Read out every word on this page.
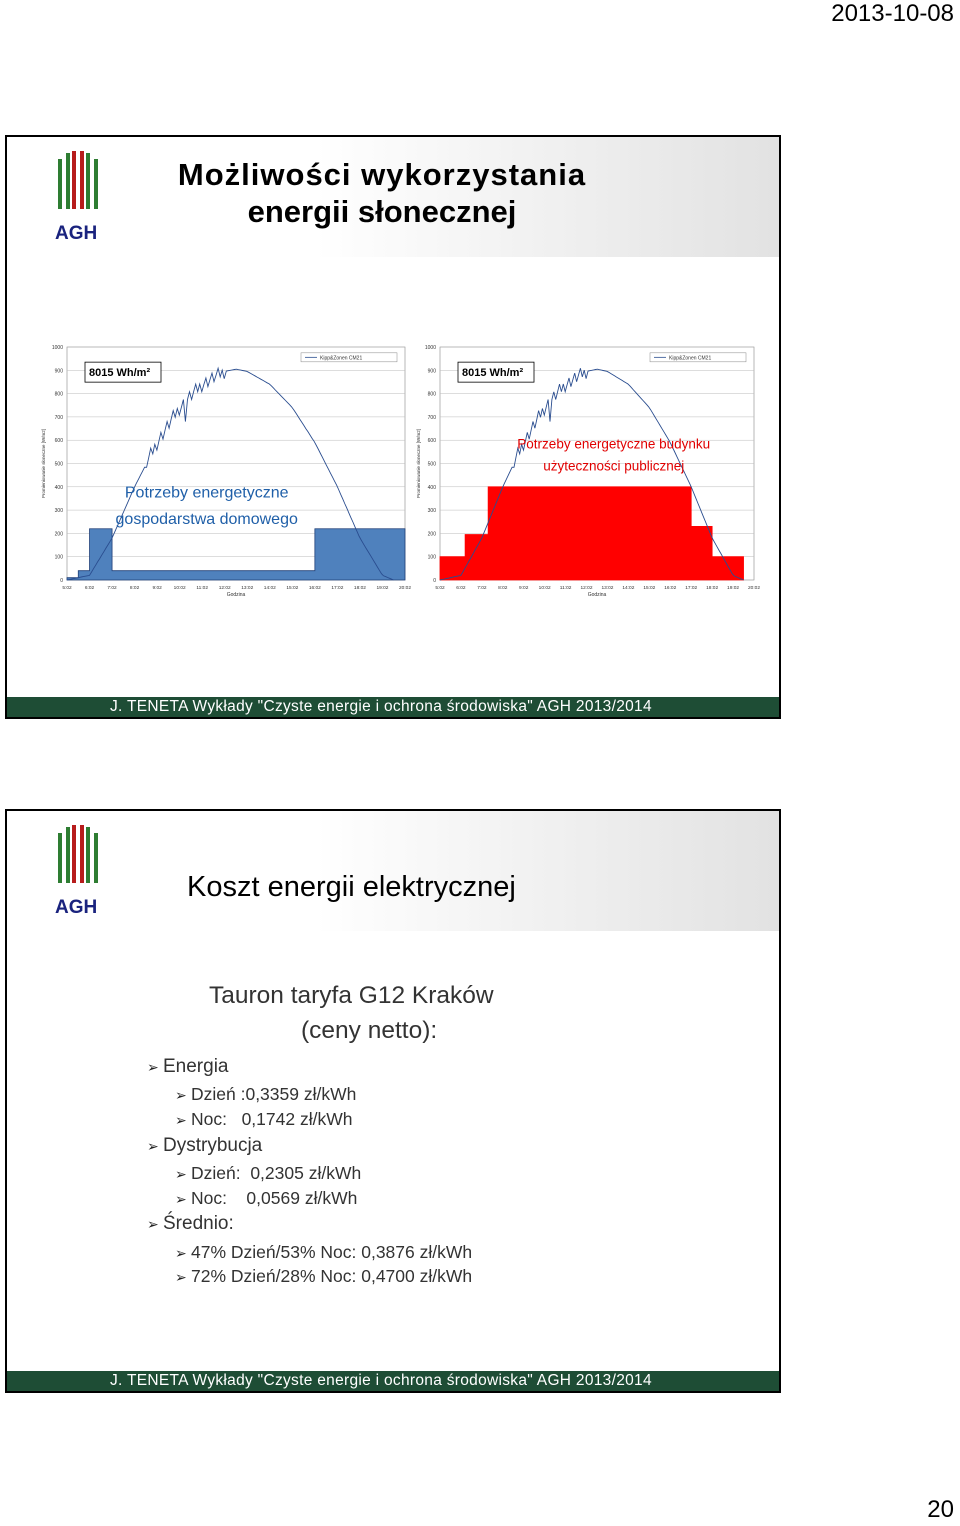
2013-10-08
AGH
Możliwości wykorzystania
energii słonecznej
0
100
200
300
400
500
600
700
800
900
1000
5:02	6:02	7:02	8:02	9:02 10:02 11:02 12:02 13:02 14:02 15:02 16:02 17:02 18:02 19:02 20:02
Godzina
Promieniowanie słoneczne [W/m2]
8015 Wh/m²
Kipp&Zonen CM21
Potrzeby energetyczne
gospodarstwa domowego
0
100
200
300
400
500
600
700
800
900
1000
5:02 6:02 7:02 8:02 9:02 10:02 11:02 12:02 13:02 14:02 15:02 16:02 17:02 18:02 19:02 20:02
Godzina
Promieniowanie słoneczne [W/m2]
8015 Wh/m²
Kipp&Zonen CM21
Potrzeby energetyczne budynku
użyteczności publicznej
J. TENETA Wykłady "Czyste energie i ochrona środowiska" AGH 2013/2014
AGH
Koszt energii elektrycznej
Tauron taryfa G12 Kraków
(ceny netto):
➢ Energia
➢ Dzień :0,3359 zł/kWh
➢ Noc:   0,1742 zł/kWh
➢ Dystrybucja
➢ Dzień:  0,2305 zł/kWh
➢ Noc:    0,0569 zł/kWh
➢ Średnio:
➢ 47% Dzień/53% Noc: 0,3876 zł/kWh
➢ 72% Dzień/28% Noc: 0,4700 zł/kWh
J. TENETA Wykłady "Czyste energie i ochrona środowiska" AGH 2013/2014
20
